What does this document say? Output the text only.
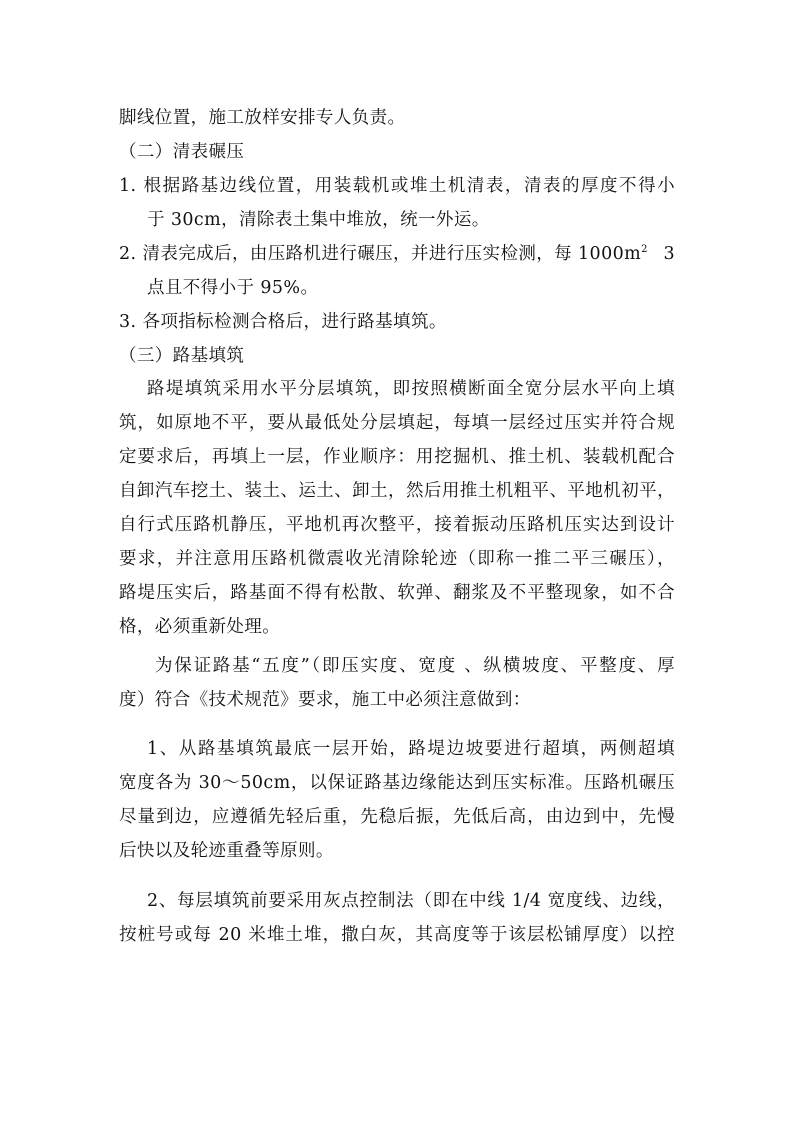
脚线位置，施工放样安排专人负责。
（二）清表碾压
1. 根据路基边线位置，用装载机或堆土机清表，清表的厚度不得小
于 30cm，清除表土集中堆放，统一外运。
2. 清表完成后，由压路机进行碾压，并进行压实检测，每 $1000m^2$ 3
点且不得小于 95%。
3. 各项指标检测合格后，进行路基填筑。
（三）路基填筑
路堤填筑采用水平分层填筑，即按照横断面全宽分层水平向上填
筑，如原地不平，要从最低处分层填起，每填一层经过压实并符合规
定要求后，再填上一层，作业顺序：用挖掘机、推土机、装载机配合
自卸汽车挖土、装土、运土、卸土，然后用推土机粗平、平地机初平，
自行式压路机静压，平地机再次整平，接着振动压路机压实达到设计
要求，并注意用压路机微震收光清除轮迹（即称一推二平三碾压），
路堤压实后，路基面不得有松散、软弹、翻浆及不平整现象，如不合
格，必须重新处理。
为保证路基“五度”（即压实度、宽度 、纵横坡度、平整度、厚
度）符合《技术规范》要求，施工中必须注意做到：
1、从路基填筑最底一层开始，路堤边坡要进行超填，两侧超填
宽度各为 30～50cm，以保证路基边缘能达到压实标准。压路机碾压
尽量到边，应遵循先轻后重，先稳后振，先低后高，由边到中，先慢
后快以及轮迹重叠等原则。
2、每层填筑前要采用灰点控制法（即在中线 1/4 宽度线、边线，
按桩号或每 20 米堆土堆，撒白灰，其高度等于该层松铺厚度）以控
